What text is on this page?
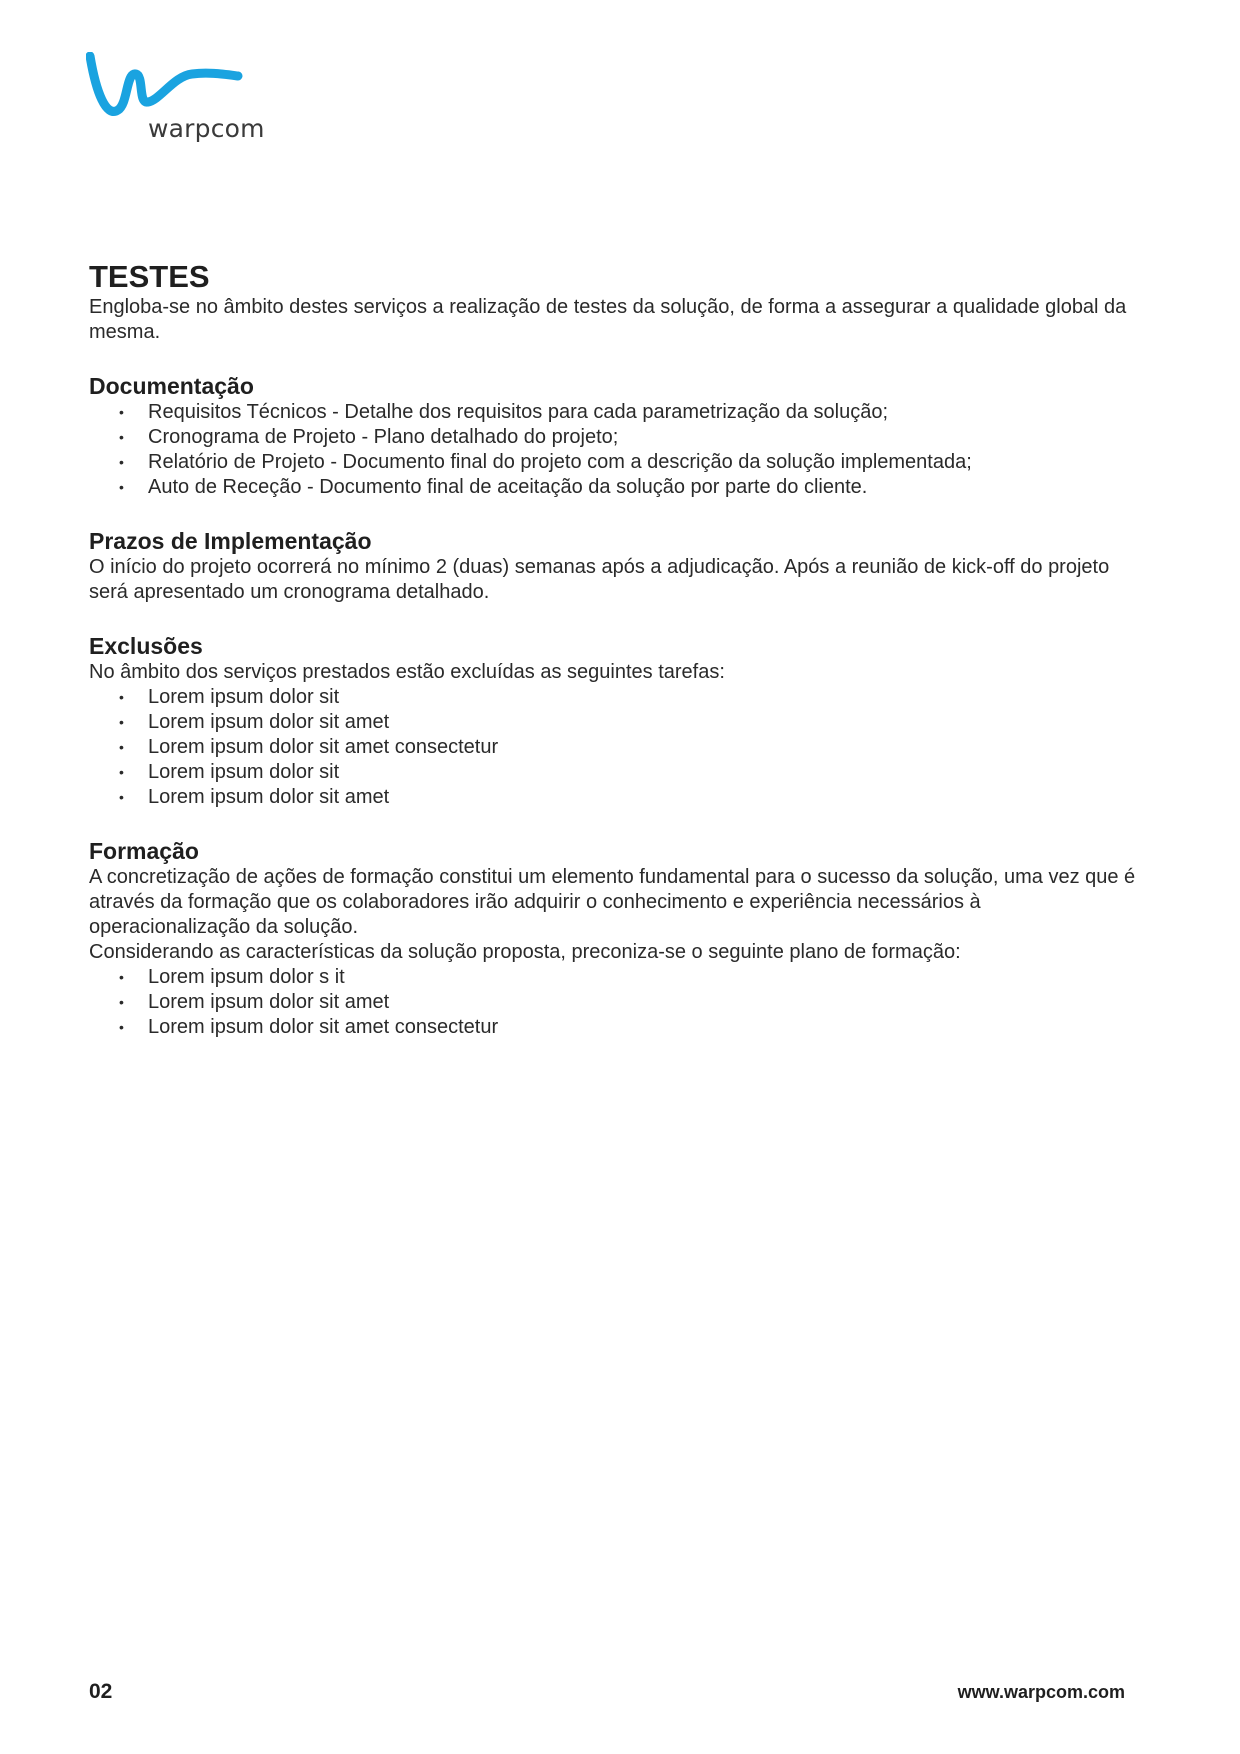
warpcom
TESTES

Engloba-se no âmbito destes serviços a realização de testes da solução, de forma a assegurar a qualidade global da mesma.

Documentação
• Requisitos Técnicos - Detalhe dos requisitos para cada parametrização da solução;
• Cronograma de Projeto - Plano detalhado do projeto;
• Relatório de Projeto - Documento final do projeto com a descrição da solução implementada;
• Auto de Receção - Documento final de aceitação da solução por parte do cliente.
Prazos de Implementação

O início do projeto ocorrerá no mínimo 2 (duas) semanas após a adjudicação. Após a reunião de kick-off do projeto será apresentado um cronograma detalhado.

Exclusões

No âmbito dos serviços prestados estão excluídas as seguintes tarefas:

• Lorem ipsum dolor sit
• Lorem ipsum dolor sit amet
• Lorem ipsum dolor sit amet consectetur
• Lorem ipsum dolor sit
• Lorem ipsum dolor sit amet
Formação

A concretização de ações de formação constitui um elemento fundamental para o sucesso da solução, uma vez que é através da formação que os colaboradores irão adquirir o conhecimento e experiência necessários à operacionalização da solução.

Considerando as características da solução proposta, preconiza-se o seguinte plano de formação:

• Lorem ipsum dolor s it
• Lorem ipsum dolor sit amet
• Lorem ipsum dolor sit amet consectetur
02	www.warpcom.com
